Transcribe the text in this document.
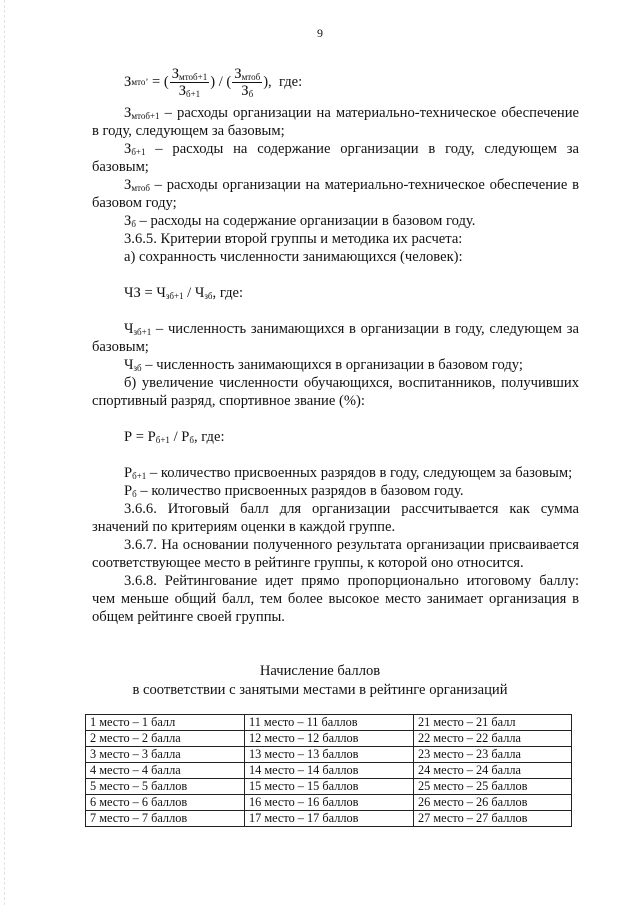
9
З мто ’ = ( $\frac{З_{мтоб+1}}{З_{б+1}}$ ) / ( $\frac{З_{мтоб}}{З_б}$ ),  где:

$З_{мтоб+1}$ – расходы организации на материально-техническое обеспечение в году, следующем за базовым;

$З_{б+1}$ – расходы на содержание организации в году, следующем за базовым;

$З_{мтоб}$ – расходы организации на материально-техническое обеспечение в базовом году;

$З_б$ – расходы на содержание организации в базовом году.

3.6.5. Критерии второй группы и методика их расчета:

а) сохранность численности занимающихся (человек):

ЧЗ = $Ч_{зб+1} / Ч_{зб}$, где:

$Ч_{зб+1}$ – численность занимающихся в организации в году, следующем за базовым;

$Ч_{зб}$ – численность занимающихся в организации в базовом году;

б) увеличение численности обучающихся, воспитанников, получивших спортивный разряд, спортивное звание (%):

$Р = Р_{б+1} / Р_б$, где:

$Р_{б+1}$ – количество присвоенных разрядов в году, следующем за базовым;

$Р_б$ – количество присвоенных разрядов в базовом году.

3.6.6. Итоговый балл для организации рассчитывается как сумма значений по критериям оценки в каждой группе.

3.6.7. На основании полученного результата организации присваивается соответствующее место в рейтинге группы, к которой оно относится.

3.6.8. Рейтингование идет прямо пропорционально итоговому баллу: чем меньше общий балл, тем более высокое место занимает организация в общем рейтинге своей группы.

Начисление баллов
в соответствии с занятыми местами в рейтинге организаций
1 место – 1 балл	11 место – 11 баллов	21 место – 21 балл
2 место – 2 балла	12 место – 12 баллов	22 место – 22 балла
3 место – 3 балла	13 место – 13 баллов	23 место – 23 балла
4 место – 4 балла	14 место – 14 баллов	24 место – 24 балла
5 место – 5 баллов	15 место – 15 баллов	25 место – 25 баллов
6 место – 6 баллов	16 место – 16 баллов	26 место – 26 баллов
7 место – 7 баллов	17 место – 17 баллов	27 место – 27 баллов
